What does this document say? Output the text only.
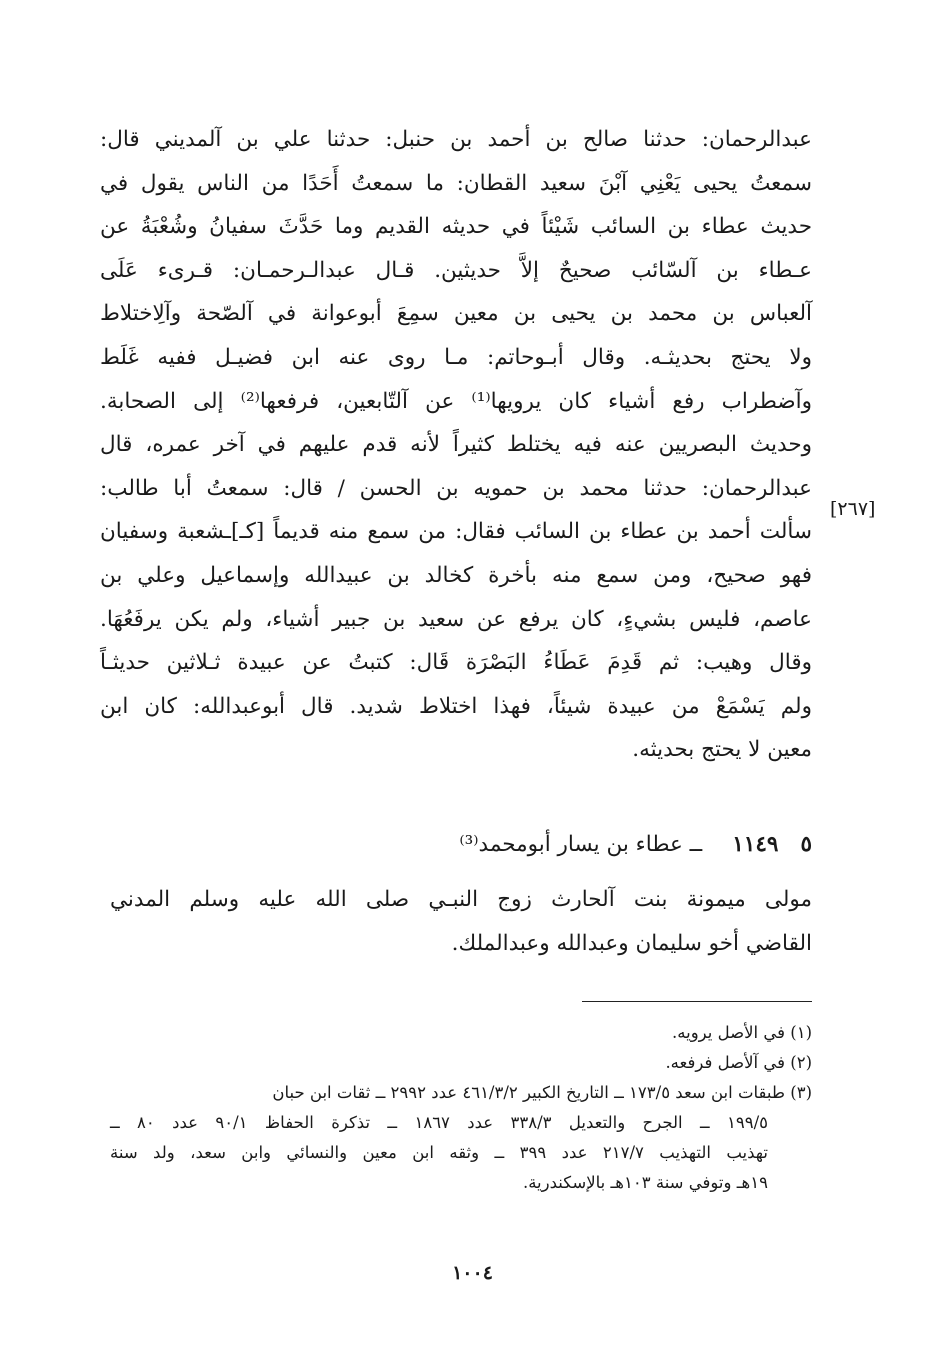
عبدالرحمان: حدثنا صالح بن أحمد بن حنبل: حدثنا علي بن آلمديني قال:
سمعتُ يحيى يَعْنِي آبْنَ سعيد القطان: ما سمعتُ أَحَدًا من الناس يقول في
حديث عطاء بن السائب شَيْئاً في حديثه القديم وما حَدَّثَ سفيانُ وشُعْبَةُ عن
عـطاء بن آلسّائب صحيحٌ إلاَّ حديثين. قـال عبدالـرحمـان: قـرىء عَلَى
آلعباس بن محمد بن يحيى بن معين سمِعَ أبوعوانة في آلصّحة وآلِاختلاط
ولا يحتج بحديثـه. وقال أبـوحاتم: مـا روى عنه ابن فضيـل ففيه غَلَط
وآضطراب رفع أشياء كان يرويها⁽¹⁾ عن آلتّابعين، فرفعها⁽²⁾ إلى الصحابة.
وحديث البصريين عنه فيه يختلط كثيراً لأنه قدم عليهم في آخر عمره، قال
عبدالرحمان: حدثنا محمد بن حمويه بن الحسن / قال: سمعتُ أبا طالب:
سألت أحمد بن عطاء بن السائب فقال: من سمع منه قديماً [كـ]ـشعبة وسفيان
فهو صحيح، ومن سمع منه بأخرة كخالد بن عبيدالله وإسماعيل وعلي بن
عاصم، فليس بشيءٍ، كان يرفع عن سعيد بن جبير أشياء، ولم يكن يرفَعُهَا.
وقال وهيب: ثم قَدِمَ عَطَاءُ البَصْرَة قَال: كتبتُ عن عبيدة ثـلاثين حديثـاً
ولم يَسْمَعْ من عبيدة شيئاً، فهذا اختلاط شديد. قال أبوعبدالله: كان ابن
معين لا يحتج بحديثه.
[٢٦٧]
١١٤٩ ٥ــ عطاء بن يسار أبومحمد⁽³⁾
مولى ميمونة بنت آلحارث زوج النبـي صلى الله عليه وسلم المدني
القاضي أخو سليمان وعبدالله وعبدالملك.
(١) في الأصل يرويه.
(٢) في آلأصل فرفعه.
(٣) طبقات ابن سعد ١٧٣/٥ ــ التاريخ الكبير ٤٦١/٣/٢ عدد ٢٩٩٢ ــ ثقات ابن حبان
١٩٩/٥ ــ الجرح والتعديل ٣٣٨/٣ عدد ١٨٦٧ ــ تذكرة الحفاظ ٩٠/١ عدد ٨٠ ــ
تهذيب التهذيب ٢١٧/٧ عدد ٣٩٩ ــ وثقه ابن معين والنسائي وابن سعد، ولد سنة
١٩هـ وتوفي سنة ١٠٣هـ بالإسكندرية.
١٠٠٤
